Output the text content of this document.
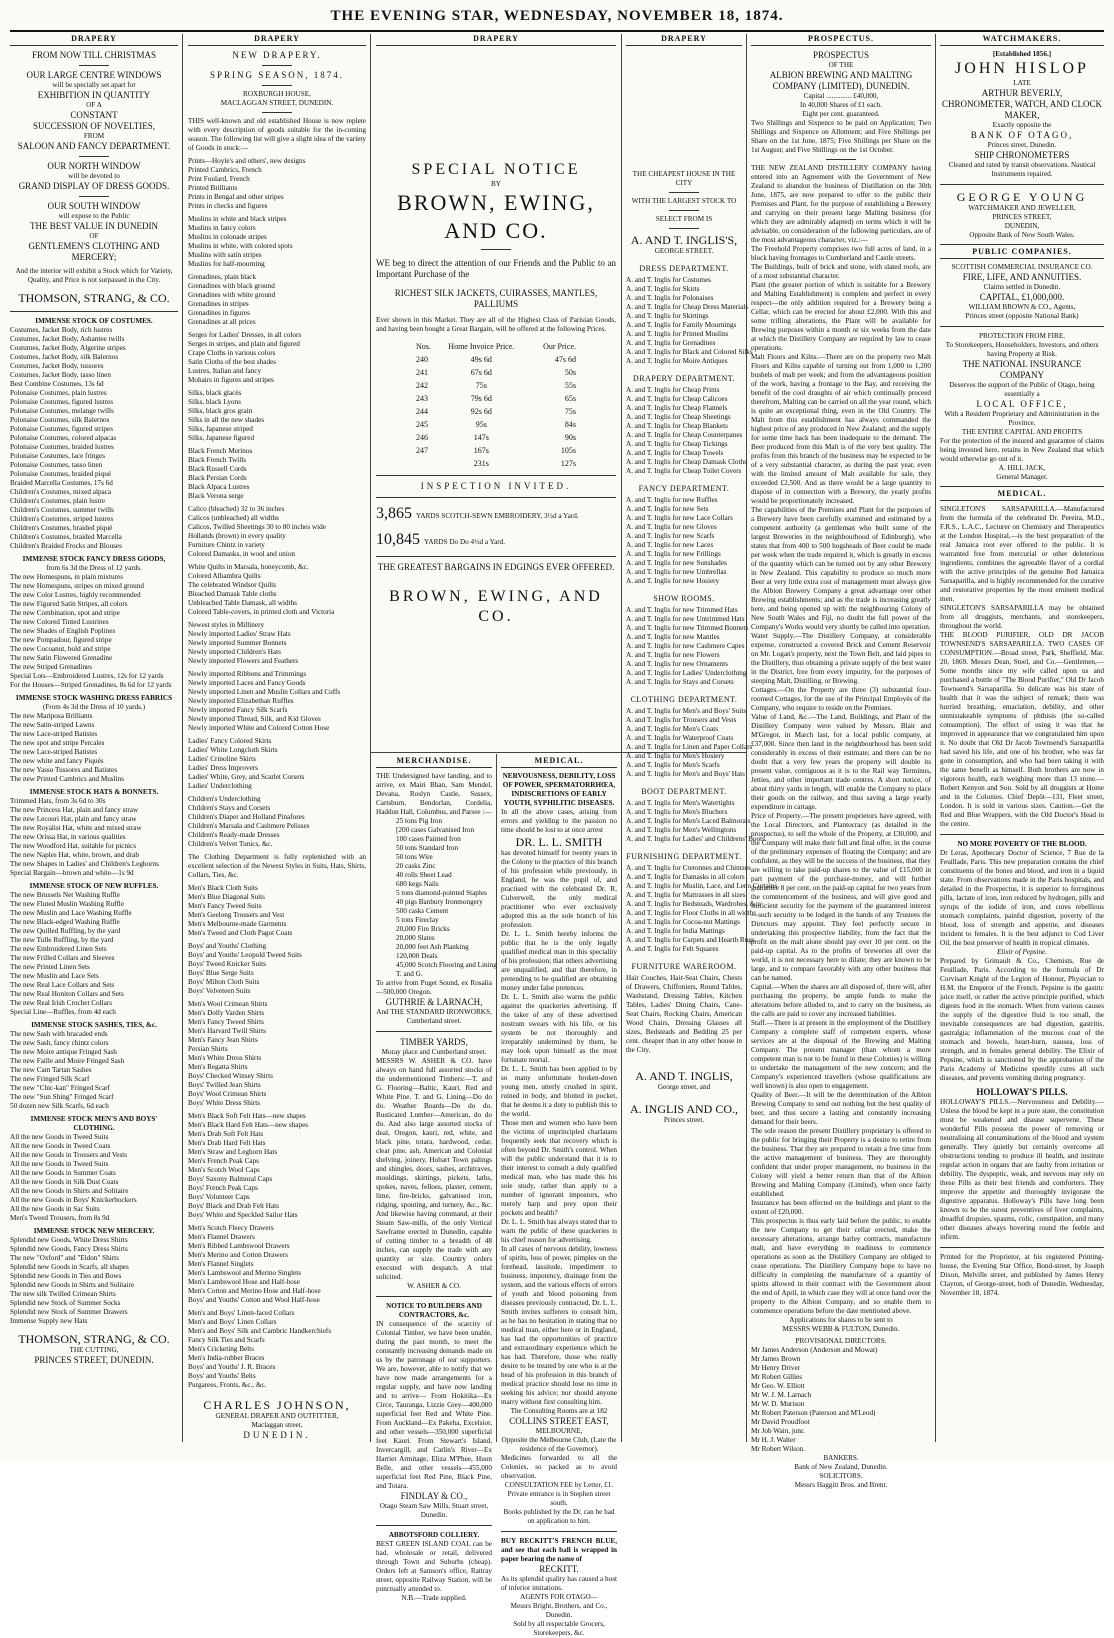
THE EVENING STAR, WEDNESDAY, NOVEMBER 18, 1874.
DRAPERY
FROM NOW TILL CHRISTMAS
OUR LARGE CENTRE WINDOWS
will be specially set apart for
EXHIBITION IN QUANTITY
OF A
CONSTANT
SUCCESSION OF NOVELTIES,
FROM
SALOON AND FANCY DEPARTMENT.
OUR NORTH WINDOW
will be devoted to
GRAND DISPLAY OF DRESS GOODS.
OUR SOUTH WINDOW
will expose to the Public
THE BEST VALUE IN DUNEDIN
OF
GENTLEMEN'S CLOTHING AND
MERCERY;
And the interior will exhibit a Stock which for Variety, Quality, and Price is not surpassed in the City.
THOMSON, STRANG, & CO.
IMMENSE STOCK OF COSTUMES.
Costumes, Jacket Body, rich lustres
Costumes, Jacket Body, Ashantee twills
Costumes, Jacket Body, Algerine stripes
Costumes, Jacket Body, silk Balernos
Costumes, Jacket Body, tussores
Costumes, Jacket Body, tasso linen
Best Combine Costumes, 13s 6d
Polonaise Costumes, plain lustres
Polonaise Costumes, figured lustres
Polonaise Costumes, melange twills
Polonaise Costumes, silk Balernos
Polonaise Costumes, figured stripes
Polonaise Costumes, colored alpacas
Polonaise Costumes, braided lustres
Polonaise Costumes, lace fringes
Polonaise Costumes, tasso linen
Polonaise Costumes, braided piqué
Braided Marcella Costumes, 17s 6d
Children's Costumes, mixed alpaca
Children's Costumes, plain lustre
Children's Costumes, summer twills
Children's Costumes, striped lustres
Children's Costumes, braided piqué
Children's Costumes, braided Marcella
Children's Braided Frocks and Blouses
IMMENSE STOCK FANCY DRESS GOODS,
from 6s 3d the Dress of 12 yards.
The new Homespuns, in plain mixtures
The new Homespuns, stripes on mixed ground
The new Color Lustres, highly recommended
The new Figured Satin Stripes, all colors
The new Combination, spot and stripe
The new Colored Tinted Lustrines
The new Shades of English Poplines
The new Pompadour, figured stripe
The new Cocoanut, bold and stripe
The new Satin Flowered Grenadine
The new Striped Grenadines
Special Lots—Embroidered Lustres, 12s for 12 yards
For the Houses—Striped Grenadines, 8s 6d for 12 yards
IMMENSE STOCK WASHING DRESS FABRICS
(From 4s 3d the Dress of 10 yards.)
The new Mariposa Brilliants
The new Satin-striped Lawns
The new Lace-striped Batistes
The new spot and stripe Percales
The new Lace-striped Batistes
The new white and fancy Piqués
The new Yasso Tussores and Batistes
The new Printed Cambrics and Muslins
IMMENSE STOCK HATS & BONNETS.
Trimmed Hats, from 3s 6d to 30s
The new Princess Hat, plain and fancy straw
The new Lecouri Hat, plain and fancy straw
The new Royalist Hat, white and mixed straw
The new Orissa Hat, in various qualities
The new Woodford Hat, suitable for picnics
The new Naples Hat, white, brown, and drab
The new Shapes in Ladies' and Children's Leghorns
Special Bargain—brown and white—1s 9d
IMMENSE STOCK OF NEW RUFFLES.
The new Brussels Net Washing Ruffle
The new Fluted Muslin Washing Ruffle
The new Muslin and Lace Washing Ruffle
The new Black-edged Washing Ruffle
The new Quilled Ruffling, by the yard
The new Tulle Ruffling, by the yard
The new Embroidered Linen Sets
The new Frilled Collars and Sleeves
The new Printed Linen Sets
The new Muslin and Lace Sets
The new Real Lace Collars and Sets
The new Real Honiton Collars and Sets
The new Real Irish Crochet Collars
Special Line—Ruffles, from 4d each
IMMENSE STOCK SASHES, TIES, &c.
The new Sash with bracaded ends
The new Sash, fancy chintz colors
The new Moire antique Fringed Sash
The new Faille and Moire Fringed Sash
The new Cam Tartan Sashes
The new Fringed Silk Scarf
The new "Chic-kan" Fringed Scarf
The new "Sun Shing" Fringed Scarf
50 dozen new Silk Scarfs, 6d each
IMMENSE STOCK MEN'S AND BOYS' CLOTHING.
All the new Goods in Tweed Suits
All the new Goods in Tweed Coats
All the new Goods in Trousers and Vests
All the new Goods in Tweed Suits
All the new Goods in Summer Coats
All the new Goods in Silk Dust Coats
All the new Goods in Shirts and Solitaire
All the new Goods in Boys' Knickerbockers
All the new Goods in Sac Suits
Men's Tweed Trousers, from 8s 9d
IMMENSE STOCK NEW MERCERY.
Splendid new Goods, White Dress Shirts
Splendid new Goods, Fancy Dress Shirts
The new "Oxford" and "Eldon" Shirts
Splendid new Goods in Scarfs, all shapes
Splendid new Goods in Ties and Bows
Splendid new Goods in Shirts and Solitaire
The new silk Twilled Crimean Shirts
Splendid new Stock of Summer Socks
Splendid new Stock of Summer Drawers
Immense Supply new Hats
THOMSON, STRANG, & CO.
THE CUTTING,
PRINCES STREET, DUNEDIN.
DRAPERY
NEW DRAPERY.
SPRING SEASON, 1874.
ROXBURGH HOUSE,
MACLAGGAN STREET, DUNEDIN.
THIS well-known and old established House is now replete with every description of goods suitable for the in-coming season. The following list will give a slight idea of the variety of Goods in stock:—
Prints—Hoyle's and others', new designs
Printed Cambrics, French
Print Foulard, French
Printed Brilliants
Prints in Bengal and other stripes
Prints in checks and figures
Muslins in white and black stripes
Muslins in fancy colors
Muslins in colonade stripes
Muslins in white, with colored spots
Muslins with satin stripes
Muslins for half-mourning
Grenadines, plain black
Grenadines with black ground
Grenadines with white ground
Grenadines in stripes
Grenadines in figures
Grenadines at all prices
Serges for Ladies' Dresses, in all colors
Serges in stripes, and plain and figured
Crape Cloths in various colors
Satin Cloths of the best shades
Lustres, Italian and fancy
Mohairs in figures and stripes
Silks, black glacés
Silks, black Lyons
Silks, black gros grain
Silks in all the new shades
Silks, Japanese striped
Silks, Japanese figured
Black French Merinos
Black French Twills
Black Russell Cords
Black Persian Cords
Black Alpaca Lustres
Black Verona serge
Calico (bleached) 32 to 36 inches
Calicos (unbleached) all widths
Calicos, Twilled Sheetings 30 to 80 inches wide
Hollands (brown) in every quality
Furniture Chintz in variety
Colored Damasks, in wool and union
White Quilts in Marsala, honeycomb, &c.
Colored Alhambra Quilts
The celebrated Windsor Quilts
Bleached Damask Table cloths
Unbleached Table Damask, all widths
Colored Table-covers, in printed cloth and Victoria
Newest styles in Millinery
Newly imported Ladies' Straw Hats
Newly imported Summer Bonnets
Newly imported Children's Hats
Newly imported Flowers and Feathers
Newly imported Ribbons and Trimmings
Newly imported Laces and Fancy Goods
Newly imported Linen and Muslin Collars and Cuffs
Newly imported Elizabethan Ruffles
Newly imported Fancy Silk Scarfs
Newly imported Thread, Silk, and Kid Gloves
Newly imported White and Colored Cotton Hose
Ladies' Fancy Colored Skirts
Ladies' White Longcloth Skirts
Ladies' Crinoline Skirts
Ladies' Dress Improvers
Ladies' White, Grey, and Scarlet Corsets
Ladies' Underclothing
Children's Underclothing
Children's Stays and Corsets
Children's Diaper and Holland Pinafores
Children's Marsala and Cashmere Pelisses
Children's Ready-made Dresses
Children's Velvet Tunics, &c.
The Clothing Department is fully replenished with an excellent selection of the Newest Styles in Suits, Hats, Shirts, Collars, Ties, &c.
Men's Black Cloth Suits
Men's Blue Diagonal Suits
Men's Fancy Tweed Suits
Men's Geelong Trousers and Vest
Men's Melbourne-made Garments
Men's Tweed and Cloth Pagot Coats
Boys' and Youths' Clothing
Boys' and Youths' Leopold Tweed Suits
Boys' Tweed Knicker Suits
Boys' Blue Serge Suits
Boys' Milton Cloth Suits
Boys' Velveteen Suits
Men's Wool Crimean Shirts
Men's Dolly Varden Shirts
Men's Fancy Tweed Shirts
Men's Harvard Twill Shirts
Men's Fancy Jean Shirts
Persian Shirts
Men's White Dress Shirts
Men's Regatta Shirts
Boys' Checked Winsey Shirts
Boys' Twilled Jean Shirts
Boys' Wool Crimean Shirts
Boys' White Dress Shirts
Men's Black Soft Felt Hats—new shapes
Men's Black Hard Felt Hats—new shapes
Men's Drab Soft Felt Hats
Men's Drab Hard Felt Hats
Men's Straw and Leghorn Hats
Men's French Peak Caps
Men's Scotch Wool Caps
Boys' Saxony Balmoral Caps
Boys' French Peak Caps
Boys' Volunteer Caps
Boys' Black and Drab Felt Hats
Boys' White and Speckled Sailor Hats
Men's Scotch Fleecy Drawers
Men's Flannel Drawers
Men's Ribbed Lambswool Drawers
Men's Merino and Cotton Drawers
Men's Flannel Singlets
Men's Lambswool and Merino Singlets
Men's Lambswool Hose and Half-hose
Men's Cotton and Merino Hose and Half-hose
Boys' and Youths' Cotton and Wool Half-hose
Men's and Boys' Linen-faced Collars
Men's and Boys' Linen Collars
Men's and Boys' Silk and Cambric Handkerchiefs
Fancy Silk Ties and Scarfs
Men's Cricketing Belts
Men's India-rubber Braces
Boys' and Youths' J. R. Braces
Boys' and Youths' Belts
Purgarees, Fronts, &c., &c.
CHARLES JOHNSON,
GENERAL DRAPER AND OUTFITTER,
Maclaggan street,
DUNEDIN.
DRAPERY
SPECIAL NOTICE
BY
BROWN, EWING, AND CO.
WE beg to direct the attention of our Friends and the Public to an Important Purchase of the
RICHEST SILK JACKETS, CUIRASSES, MANTLES, PALLIUMS
Ever shown in this Market. They are all of the Highest Class of Parisian Goods, and having been bought a Great Bargain, will be offered at the following Prices.
Nos.	Home Invoice Price.	Our Price.
240	49s 6d	47s 6d
241	67s 6d	50s
242	75s	55s
243	79s 6d	65s
244	92s 6d	75s
245	95s	84s
246	147s	90s
247	167s	105s
	231s	127s
INSPECTION INVITED.
3,865 YARDS SCOTCH-SEWN EMBROIDERY, 3½d a Yard.
10,845 YARDS Do Do 4½d a Yard.
THE GREATEST BARGAINS IN EDGINGS EVER OFFERED.
BROWN, EWING, AND CO.
MERCHANDISE.
THE Undersigned have landing, and to arrive, ex Mairi Bhan, Sam Mendel, Devana, Roslyn Castle, Sussex, Cartsburn, Bendorlan, Cordelia, Haddon Hall, Columbus, and Parsee :—
25 tons Pig Iron
[200 cases Galvanised Iron
100 cases Painted Iron
50 tons Standard Iron
50 tons Wire
20 casks Zinc
40 rolls Sheet Lead
680 kegs Nails
5 tons diamond-pointed Staples
40 pigs Banbury Ironmongery
500 casks Cement
5 tons Fireclay
20,000 Fire Bricks
20,000 Slates
20,000 feet Ash Planking
120,000 Deals
45,000 Scotch Flooring and Lining
T. and G.
To arrive from Puget Sound, ex Rosalia—500,000 Oregon.
GUTHRIE & LARNACH,
And THE STANDARD IRONWORKS, Cumberland street.
TIMBER YARDS,
Moray place and Cumberland street.
MESSRS W. ASHER & CO. have always on hand full assorted stocks of the undermentioned Timbers:—T. and G. Flooring—Baltic, Kauri. Red and White Pine. T. and G. Lining—Do do do. Weather Boards—Do do do. Rusticated Lumber—American, do do do. And also large assorted stocks of deal, Oregon, kauri, red, white, and black pine, totara, hardwood, cedar, clear pine, ash, American and Colonial shelving, joinery, Hobart Town palings and shingles, doors, sashes, architraves, mouldings, skirtings, pickets, laths, spokes, naves, felloes, plaster, cement, lime, fire-bricks, galvanised iron, ridging, spouting, and turnery, &c., &c. And likewise having command, at their Steam Saw-mills, of the only Vertical Sawframe erected in Dunedin, capable of cutting timber to a breadth of 48 inches, can supply the trade with any quantity or size. Country orders executed with despatch. A trial solicited.
W. ASHER & CO.
NOTICE TO BUILDERS AND CONTRACTORS, &c.
IN consequence of the scarcity of Colonial Timber, we have been unable, during the past month, to meet the constantly increasing demands made on us by the patronage of our supporters. We are, however, able to notify that we have now made arrangements for a regular supply, and have now landing and to arrive— From Hokitika—Ex Circe, Tauranga, Lizzie Grey—400,000 superficial feet Red and White Pine. From Auckland—Ex Pakeha, Excelsior, and other vessels—350,000 superficial feet Kauri. From Stewart's Island, Invercargill, and Catlin's River—Ex Harriet Armitage, Eliza M'Phee, Huon Belle, and other vessels—455,000 superficial feet Red Pine, Black Pine, and Totara.
FINDLAY & CO.,
Otago Steam Saw Mills, Stuart street, Dunedin.
ABBOTSFORD COLLIERY.
BEST GREEN ISLAND COAL can be had, wholesale or retail, delivered through Town and Suburbs (cheap). Orders left at Samson's office, Rattray street, opposite Railway Station, will be punctually attended to.
N.B.—Trade supplied.
MEDICAL.
NERVOUSNESS, DEBILITY, LOSS OF POWER, SPERMATORRHŒA, INDISCRETIONS OF EARLY YOUTH, SYPHILITIC DISEASES.
In all the above cases, arising from errors and yielding to the passion no time should be lost to at once arrest
DR. L. L. SMITH
has devoted himself for twenty years in the Colony to the practice of this branch of his profession while previously, in England, he was the pupil of, and practised with the celebrated Dr. R. Culverwell, the only medical practitioner who ever exclusively adopted this as the sole branch of his profession.
Dr. L. L. Smith hereby informs the public that he is the only legally qualified medical man in this speciality of his profession; that others advertising are unqualified, and that therefore, in pretending to be qualified are obtaining money under false pretences.
Dr. L. L. Smith also warns the public against the quackeries advertising. If the taker of any of these advertised nostrum swears with his life, or his system be not thoroughly and irreparably undermined by them, he may look upon himself as the most fortunate mortal.
Dr. L. L. Smith has been applied to by so many unfortunate broken-down young men, utterly crushed in spirit, ruined in body, and blotted in pocket, that he deems it a duty to publish this to the world.
Those men and women who have been the victims of unprincipled charlatans frequently seek that recovery which is often beyond Dr. Smith's control. When will the public understand that it is to their interest to consult a duly qualified medical man, who has made this his sole study, rather than apply to a number of ignorant impostors, who merely harp and prey upon their pockets and health?
Dr. L. L. Smith has always stated that to warn the public of these quackeries is his chief reason for advertising.
In all cases of nervous debility, lowness of spirits, loss of power, pimples on the forehead, lassitude, impediment to business, impotency, drainage from the system, and the various effects of errors of youth and blood poisoning from diseases previously contracted, Dr. L. L. Smith invites sufferers to consult him, as he has no hesitation in stating that no medical man, either here or in England, has had the opportunities of practice and extraordinary experience which he has had. Therefore, those who really desire to be treated by one who is at the head of his profession in this branch of medical practice should lose no time in seeking his advice; nor should anyone marry without first consulting him.
The Consulting Rooms are at 182
COLLINS STREET EAST,
MELBOURNE,
Opposite the Melbourne Club, (Late the residence of the Governor).
Medicines forwarded to all the Colonies, so packed as to avoid observation.
CONSULTATION FEE by Letter, £1.
Private entrance is in Stephen street south.
Books published by the Dr. can be had on application to him.
BUY RECKITT'S FRENCH BLUE, and see that each ball is wrapped in paper bearing the name of
RECKITT.
As its splendid quality has caused a host of inferior imitations.
AGENTS FOR OTAGO—
Messrs Bright, Brothers, and Co., Dunedin.
Sold by all respectable Grocers, Storekeepers, &c.
DRAPERY
THE CHEAPEST HOUSE IN THE CITY
WITH THE LARGEST STOCK TO
SELECT FROM IS
A. AND T. INGLIS'S,
GEORGE STREET.
DRESS DEPARTMENT.
A. and T. Inglis for Costumes
A. and T. Inglis for Skirts
A. and T. Inglis for Polonaises
A. and T. Inglis for Cheap Dress Materials
A. and T. Inglis for Skirtings
A. and T. Inglis for Family Mournings
A. and T. Inglis for Printed Muslins
A. and T. Inglis for Grenadines
A. and T. Inglis for Black and Colored Silks
A. and T. Inglis for Moire Antiques
DRAPERY DEPARTMENT.
A. and T. Inglis for Cheap Prints
A. and T. Inglis for Cheap Calicoes
A. and T. Inglis for Cheap Flannels
A. and T. Inglis for Cheap Sheetings
A. and T. Inglis for Cheap Blankets
A. and T. Inglis for Cheap Counterpanes
A. and T. Inglis for Cheap Tickings
A. and T. Inglis for Cheap Towels
A. and T. Inglis for Cheap Damask Cloths
A. and T. Inglis for Cheap Toilet Covers
FANCY DEPARTMENT.
A. and T. Inglis for new Ruffles
A. and T. Inglis for new Sets
A. and T. Inglis for new Lace Collars
A. and T. Inglis for new Gloves
A. and T. Inglis for new Scarfs
A. and T. Inglis for new Laces
A. and T. Inglis for new Frillings
A. and T. Inglis for new Sunshades
A. and T. Inglis for new Umbrellas
A. and T. Inglis for new Hosiery
SHOW ROOMS.
A. and T. Inglis for new Trimmed Hats
A. and T. Inglis for new Untrimmed Hats
A. and T. Inglis for new Trimmed Bonnets
A. and T. Inglis for new Mantles
A. and T. Inglis for new Cashmere Capes
A. and T. Inglis for new Flowers
A. and T. Inglis for new Ornaments
A. and T. Inglis for Ladies' Underclothing
A. and T. Inglis for Stays and Corsets
CLOTHING DEPARTMENT.
A. and T. Inglis for Men's and Boys' Suits
A. and T. Inglis for Trousers and Vests
A. and T. Inglis for Men's Coats
A. and T. Inglis for Waterproof Coats
A. and T. Inglis for Linen and Paper Collars
A. and T. Inglis for Men's Hosiery
A. and T. Inglis for Men's Scarfs
A. and T. Inglis for Men's and Boys' Hats
BOOT DEPARTMENT.
A. and T. Inglis for Men's Watertights
A. and T. Inglis for Men's Bluchers
A. and T. Inglis for Men's Laced Balmorals
A. and T. Inglis for Men's Wellingtons
A. and T. Inglis for Ladies' and Childrens' Boots.
FURNISHING DEPARTMENT.
A. and T. Inglis for Cretonnes and Chintzes
A. and T. Inglis for Damasks in all colors
A. and T. Inglis for Muslin, Lace, and Leno Curtains
A. and T. Inglis for Mattrasses in all sizes
A. and T. Inglis for Bedsteads, Wardrobes, &c.
A. and T. Inglis for Floor Cloths in all widths
A. and T. Inglis for Cocoa-nut Mattings
A. and T. Inglis for India Mattings
A. and T. Inglis for Carpets and Hearth Rugs
A. and T. Inglis for Felt Squares
FURNITURE WAREROOM.
Hair Couches, Hair-Seat Chairs, Chests of Drawers, Chiffoniers, Round Tables, Washstand, Dressing Tables, Kitchen Tables, Ladies' Dining Chairs, Cane-Seat Chairs, Rocking Chairs, American Wood Chairs, Dressing Glasses all sizes, Bedsteads and Bedding 25 per cent. cheaper than in any other house in the City.
A. AND T. INGLIS,
George street, and
A. INGLIS AND CO.,
Princes street.
PROSPECTUS.
PROSPECTUS
OF THE
ALBION BREWING AND MALTING COMPANY (LIMITED), DUNEDIN.
Capital .............. £40,000,
In 40,000 Shares of £1 each.
Eight per cent. guaranteed.
Two Shillings and Sixpence to be paid on Application; Two Shillings and Sixpence on Allotment; and Five Shillings per Share on the 1st June, 1875; Five Shillings per Share on the 1st August; and Five Shillings on the 1st October.
THE NEW ZEALAND DISTILLERY COMPANY having entered into an Agreement with the Government of New Zealand to abandon the business of Distillation on the 30th June, 1875, are now prepared to offer to the public their Premises and Plant, for the purpose of establishing a Brewery and carrying on their present large Malting business (for which they are admirably adapted) on terms which it will be advisable, on consideration of the following particulars, are of the most advantageous character, viz.:—
The Freehold Property comprises two full acres of land, in a block having frontages to Cumberland and Castle streets.
The Buildings, built of brick and stone, with slated roofs, are of a most substantial character.
Plant (the greater portion of which is suitable for a Brewery and Malting Establishment) is complete and perfect in every respect—the only addition required for a Brewery being a Cellar, which can be erected for about £2,000. With this and some trifling alterations, the Plant will be available for Brewing purposes within a month or six weeks from the date at which the Distillery Company are required by law to cease operations.
Malt Floors and Kilns.—There are on the property two Malt Floors and Kilns capable of turning out from 1,000 to 1,200 bushels of malt per week; and from the advantageous position of the work, having a frontage to the Bay, and receiving the benefit of the cool draughts of air which continually proceed therefrom, Malting can be carried on all the year round, which is quite an exceptional thing, even in the Old Country. The Malt from this establishment has always commanded the highest price of any produced in New Zealand; and the supply for some time back has been inadequate to the demand. The Beer produced from this Malt is of the very best quality. The profits from this branch of the business may be expected to be of a very substantial character, as during the past year, even with the limited amount of Malt available for sale, they exceeded £2,500. And as there would be a large quantity to dispose of in connection with a Brewery, the yearly profits would be proportionately increased.
The capabilities of the Premises and Plant for the purposes of a Brewery have been carefully examined and estimated by a competent authority (a gentleman who built some of the largest Breweries in the neighbourhood of Edinburgh), who states that from 400 to 500 hogsheads of Beer could be made per week when the trade required it, which is greatly in excess of the quantity which can be turned out by any other Brewery in New Zealand. This capability to produce so much more Beer at very little extra cost of management must always give the Albion Brewery Company a great advantage over other Brewing establishments; and as the trade is increasing greatly here, and being opened up with the neighbouring Colony of New South Wales and Fiji, no doubt the full power of the Company's Works would very shortly be called into operation.
Water Supply.—The Distillery Company, at considerable expense, constructed a covered Brick and Cement Reservoir on Mr. Logan's property, next the Town Belt, and laid pipes to the Distillery, thus obtaining a private supply of the best water in the District, free from every impurity, for the purposes of steeping Malt, Distilling, or Brewing.
Cottages.—On the Property are three (3) substantial four-roomed Cottages, for the use of the Principal Employés of the Company, who require to reside on the Premises.
Value of Land, &c.—The Land, Buildings, and Plant of the Distillery Company were valued by Messrs. Blair and M'Gregor, in March last, for a local public company, at £37,000. Since then land in the neighbourhood has been sold considerably in excess of their estimate; and there can be no doubt that a very few years the property will double its present value, contiguous as it is to the Rail way Terminus, Jetties, and other important trade centres. A short notice, of about thirty yards in length, will enable the Company to place their goods on the railway, and thus saving a large yearly expenditure in cartage.
Price of Property.—The present proprietors have agreed, with the Local Directors, and Plantocracy (as detailed in the prospectus), to sell the whole of the Property, at £30,000, and the Company will make their full and final offer, in the course of the preliminary expenses of floating the Company; and are confident, as they will be the success of the business, that they are willing to take paid-up shares to the value of £15,000 in part payment of the purchase-money, and will further guarantee 8 per cent. on the paid-up capital for two years from the commencement of the business, and will give good and sufficient security for the payment of the guaranteed interest—such security to be lodged in the hands of any Trustees the Directors may appoint. They feel perfectly secure in undertaking this prospective liability, from the fact that the profit on the malt alone should pay over 10 per cent. on the paid-up capital. As to the profits of breweries all over the world, it is not necessary here to dilate; they are known to be large, and to compare favorably with any other business that can be named.
Capital.—When the shares are all disposed of, there will, after purchasing the property, be ample funds to make the alterations before alluded to, and to carry on the business, as the calls are paid to cover any increased liabilities.
Staff.—There is at present in the employment of the Distillery Company a complete staff of competent experts, whose services are at the disposal of the Brewing and Malting Company. The present manager (than whom a more competent man is not to be found in these Colonies) is willing to undertake the management of the new concern; and the Company's experienced travellers (whose qualifications are well known) is also open to engagement.
Quality of Beer.—It will be the determination of the Albion Brewing Company to send out nothing but the best quality of beer, and thus secure a lasting and constantly increasing demand for their beers.
The sole reason the present Distillery proprietary is offered to the public for bringing their Property is a desire to retire from the business. That they are prepared to retain a free time from the active management of business. They are thoroughly confident that under proper management, no business in the Colony will yield a better return than that of the Albion Brewing and Malting Company (Limited), when once fairly established.
Insurance has been effected on the buildings and plant to the extent of £20,000.
This prospectus is thus early laid before the public, to enable the new Company to get their cellar erected, make the necessary alterations, arrange barley contracts, manufacture malt, and have everything in readiness to commence operations as soon as the Distillery Company are obliged to cease operations. The Distillery Company hope to have no difficulty in completing the manufacture of a quantity of spirits allowed in their contract with the Government about the end of April, in which case they will at once hand over the property to the Albion Company, and so enable them to commence operations before the date mentioned above.
Applications for shares to be sent to
MESSRS WEBB & FULTON, Dunedin.
PROVISIONAL DIRECTORS.
Mr James Anderson (Anderson and Mowat)
Mr James Brown
Mr Henry Driver
Mr Robert Gillies
Mr Geo. W. Elliott
Mr W. J. M. Larnach
Mr W. D. Murison
Mr Robert Paterson (Paterson and M'Leod)
Mr David Proudfoot
Mr Job Wain, junr.
Mr H. J. Walter
Mr Robert Wilson.
BANKERS.
Bank of New Zealand, Dunedin.
SOLICITORS.
Messrs Haggitt Bros. and Brent.
WATCHMAKERS.
[Established 1856.]
JOHN HISLOP
LATE
ARTHUR BEVERLY,
CHRONOMETER, WATCH, AND CLOCK MAKER,
Exactly opposite the
BANK OF OTAGO,
Princes street, Dunedin.
SHIP CHRONOMETERS
Cleaned and rated by transit observations. Nautical Instruments repaired.
GEORGE YOUNG
WATCHMAKER AND JEWELLER,
PRINCES STREET,
DUNEDIN,
Opposite Bank of New South Wales.
PUBLIC COMPANIES.
SCOTTISH COMMERCIAL INSURANCE CO.
FIRE, LIFE, AND ANNUITIES.
Claims settled in Dunedin.
CAPITAL, £1,000,000.
WILLIAM BROWN & CO., Agents,
Princes street (opposite National Bank)
PROTECTION FROM FIRE.
To Storekeepers, Householders, Investors, and others having Property at Risk.
THE NATIONAL INSURANCE COMPANY
Deserves the support of the Public of Otago, being essentially a
LOCAL OFFICE,
With a Resident Proprietary and Administration in the Province.
THE ENTIRE CAPITAL AND PROFITS
For the protection of the insured and guarantee of claims being invested here, retains in New Zealand that which would otherwise go out of it.
A. HILL JACK,
General Manager.
MEDICAL.
SINGLETON'S SARSAPARILLA.—Manufactured from the formula of the celebrated Dr. Pereira, M.D., F.R.S., L.A.C., Lecturer on Chemistry and Therapeutics at the London Hospital,—is the best preparation of the real Jamaica root ever offered to the public. It is warranted free from mercurial or other deleterious ingredients, combines the agreeable flavor of a cordial with the active principles of the genuine Red Jamaica Sarsaparilla, and is highly recommended for the curative and restorative properties by the most eminent medical men.
SINGLETON'S SARSAPARILLA may be obtained from all druggists, merchants, and storekeepers, throughout the world.
THE BLOOD PURIFIER, OLD DR JACOB TOWNSEND'S SARSAPARILLA. TWO CASES OF CONSUMPTION.—Broad street, Park, Sheffield, Mar. 20, 1869. Messrs Dean, Steel, and Co.—Gentlemen,—Some months since my wife called upon us and purchased a bottle of "The Blood Purifier," Old Dr Jacob Townsend's Sarsaparilla. So delicate was his state of health that it was the subject of remark; there was hurried breathing, emaciation, debility, and other unmistakeable symptoms of phthisis (the so-called consumption). The effect of using it was that he improved in appearance that we congratulated him upon it. No doubt that Old Dr Jacob Townsend's Sarsaparilla had saved his life, and one of his brother, who was far gone in consumption, and who had been taking it with the same benefit as himself. Both brothers are now in vigorous health, each weighing more than 13 stone.—Robert Kenyon and Son. Sold by all druggists at Home and in the Colonies. Chief Depôt—131, Fleet street, London. It is sold in various sizes. Caution.—Get the Red and Blue Wrappers, with the Old Doctor's Head in the centre.
NO MORE POVERTY OF THE BLOOD.
Dr Leras, Apothecary Doctor of Science, 7 Rue de la Feuillade, Paris. This new preparation contains the chief constituents of the bones and blood, and iron in a liquid state. From observations made in the Paris hospitals, and detailed in the Prospectus, it is superior to ferruginous pills, lactate of iron, iron reduced by hydrogen, pills and syrups of the iodide of iron, and cures rebellious stomach complaints, painful digestion, poverty of the blood, loss of strength and appetite, and diseases incident to females. It is the best adjunct to Cod Liver Oil, the best preserver of health in tropical climates.
Elixir of Pepsine.
Prepared by Grimault & Co., Chemists, Rue de Feuillade, Paris. According to the formula of Dr Corvisart Knight of the Legion of Honour, Physician to H.M. the Emperor of the French. Pepsine is the gastric juice itself, or rather the active principle purified, which digests food in the stomach. When from various causes the supply of the digestive fluid is too small, the inevitable consequences are bad digestion, gastritis, gastralgia; inflammation of the mucous coat of the stomach and bowels, heart-burn, nausea, loss of strength, and in females general debility. The Elixir of Pepsine, which is sanctioned by the approbation of the Paris Academy of Medicine speedily cures all such diseases, and prevents vomiting during pregnancy.
HOLLOWAY'S PILLS.
HOLLOWAY'S PILLS.—Nervousness and Debility.—Unless the blood be kept in a pure state, the constitution must be weakened and disease supervene. These wonderful Pills possess the power of removing or neutralising all contaminations of the blood and system generally. They quietly but certainly overcome all obstructions tending to produce ill health, and institute regular action in organs that are faulty from irritation or debility. The dyspeptic, weak, and nervous may rely on these Pills as their best friends and comforters. They improve the appetite and thoroughly invigorate the digestive apparatus. Holloway's Pills have long been known to be the surest preventives of liver complaints, dreadful dropsies, spasms, colic, constipation, and many other diseases always hovering round the feeble and infirm.
Printed for the Proprietor, at his registered Printing-house, the Evening Star Office, Bond-street, by Joseph Dixon, Melville street, and published by James Henry Clayton, of George-street, both of Dunedin. Wednesday, November 18, 1874.
